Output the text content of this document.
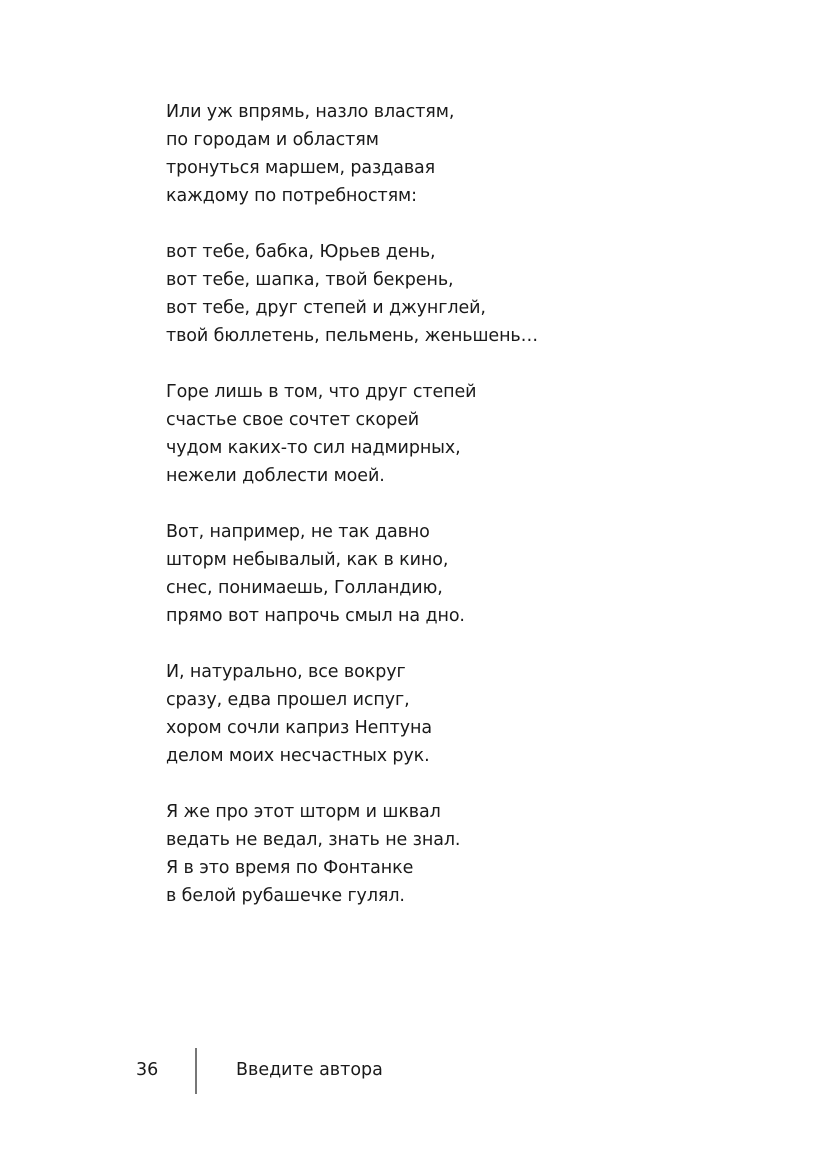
Или уж впрямь, назло властям,
по городам и областям
тронуться маршем, раздавая
каждому по потребностям:
вот тебе, бабка, Юрьев день,
вот тебе, шапка, твой бекрень,
вот тебе, друг степей и джунглей,
твой бюллетень, пельмень, женьшень…
Горе лишь в том, что друг степей
счастье свое сочтет скорей
чудом каких-то сил надмирных,
нежели доблести моей.
Вот, например, не так давно
шторм небывалый, как в кино,
снес, понимаешь, Голландию,
прямо вот напрочь смыл на дно.
И, натурально, все вокруг
сразу, едва прошел испуг,
хором сочли каприз Нептуна
делом моих несчастных рук.
Я же про этот шторм и шквал
ведать не ведал, знать не знал.
Я в это время по Фонтанке
в белой рубашечке гулял.
36	Введите автора
